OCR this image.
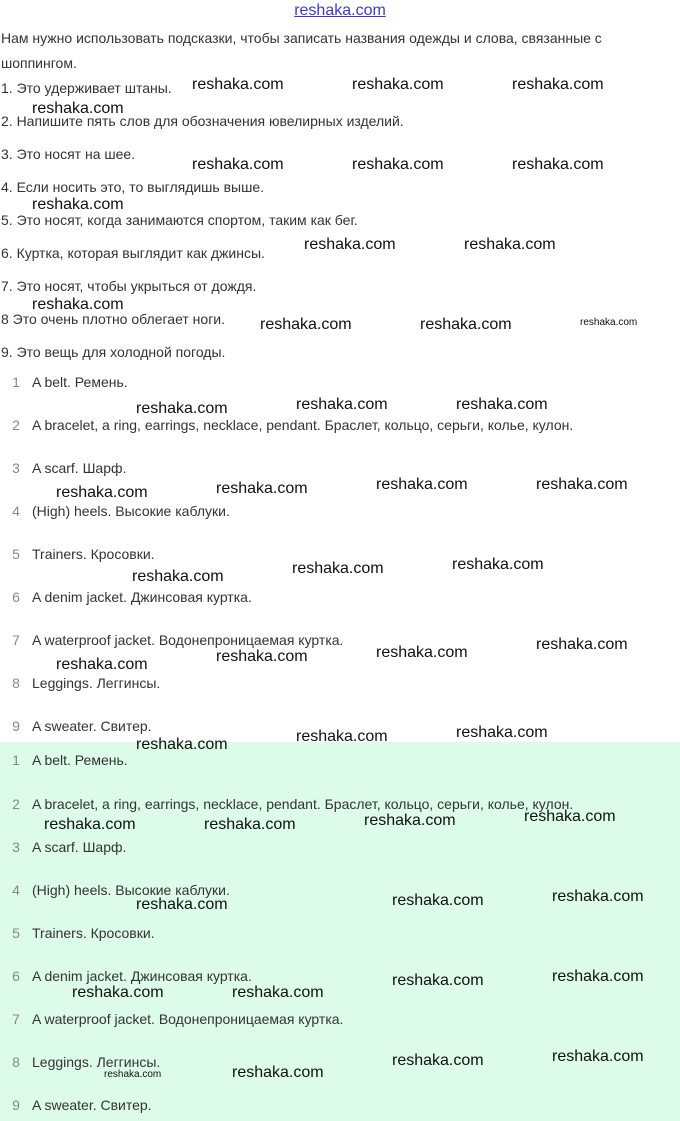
reshaka.com
Нам нужно использовать подсказки, чтобы записать названия одежды и слова, связанные с шоппингом.
1. Это удерживает штаны.
2. Напишите пять слов для обозначения ювелирных изделий.
3. Это носят на шее.
4. Если носить это, то выглядишь выше.
5. Это носят, когда занимаются спортом, таким как бег.
6. Куртка, которая выглядит как джинсы.
7. Это носят, чтобы укрыться от дождя.
8 Это очень плотно облегает ноги.
9. Это вещь для холодной погоды.
1 A belt. Ремень.
2 A bracelet, a ring, earrings, necklace, pendant. Браслет, кольцо, серьги, колье, кулон.
3 A scarf. Шарф.
4 (High) heels. Высокие каблуки.
5 Trainers. Кросовки.
6 A denim jacket. Джинсовая куртка.
7 A waterproof jacket. Водонепроницаемая куртка.
8 Leggings. Леггинсы.
9 A sweater. Свитер.
1 A belt. Ремень.
2 A bracelet, a ring, earrings, necklace, pendant. Браслет, кольцо, серьги, колье, кулон.
3 A scarf. Шарф.
4 (High) heels. Высокие каблуки.
5 Trainers. Кросовки.
6 A denim jacket. Джинсовая куртка.
7 A waterproof jacket. Водонепроницаемая куртка.
8 Leggings. Леггинсы.
9 A sweater. Свитер.
reshaka.com	reshaka.com	reshaka.com
reshaka.com
reshaka.com	reshaka.com	reshaka.com
reshaka.com
reshaka.com	reshaka.com
reshaka.com
reshaka.com	reshaka.com	reshaka.com
reshaka.com	reshaka.com	reshaka.com
reshaka.com	reshaka.com	reshaka.com	reshaka.com
reshaka.com	reshaka.com	reshaka.com
reshaka.com
reshaka.com
reshaka.com
reshaka.com
reshaka.com	reshaka.com	reshaka.com
reshaka.com	reshaka.com	reshaka.com	reshaka.com
reshaka.com	reshaka.com	reshaka.com
reshaka.com	reshaka.com
reshaka.com	reshaka.com
reshaka.com	reshaka.com
reshaka.com	reshaka.com
